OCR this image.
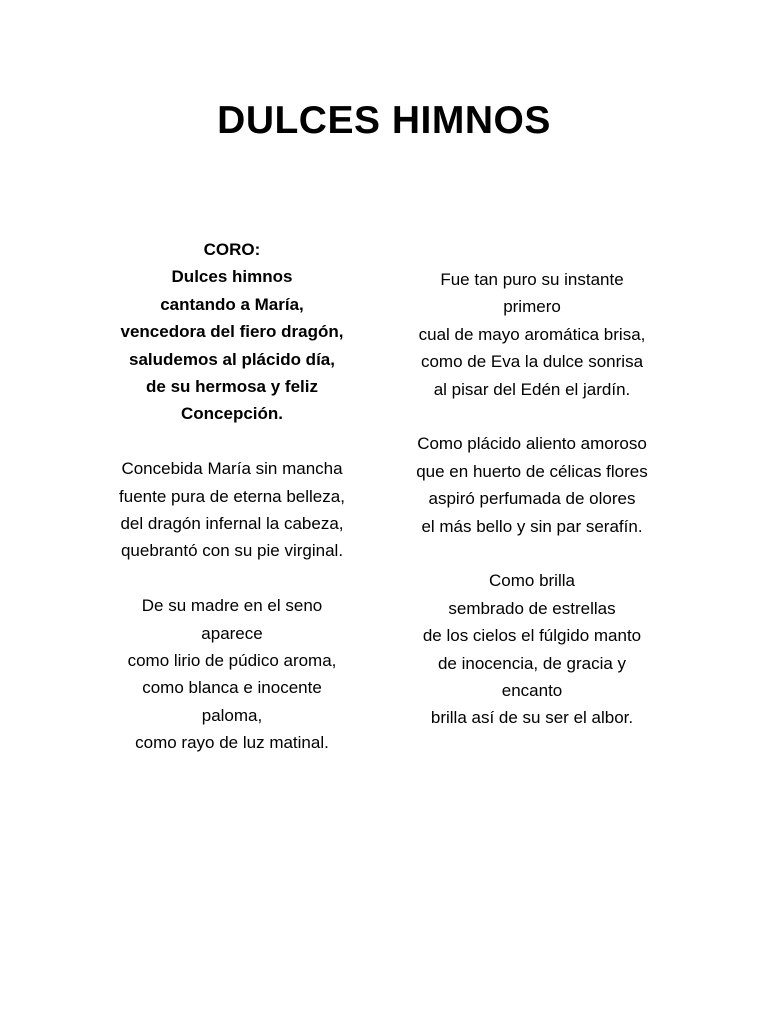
DULCES HIMNOS
CORO:
Dulces himnos
cantando a María,
vencedora del fiero dragón,
saludemos al plácido día,
de su hermosa y feliz
Concepción.
Concebida María sin mancha
fuente pura de eterna belleza,
del dragón infernal la cabeza,
quebrantó con su pie virginal.
De su madre en el seno
aparece
como lirio de púdico aroma,
como blanca e inocente
paloma,
como rayo de luz matinal.
Fue tan puro su instante
primero
cual de mayo aromática brisa,
como de Eva la dulce sonrisa
al pisar del Edén el jardín.
Como plácido aliento amoroso
que en huerto de célicas flores
aspiró perfumada de olores
el más bello y sin par serafín.
Como brilla
sembrado de estrellas
de los cielos el fúlgido manto
de inocencia, de gracia y
encanto
brilla así de su ser el albor.
